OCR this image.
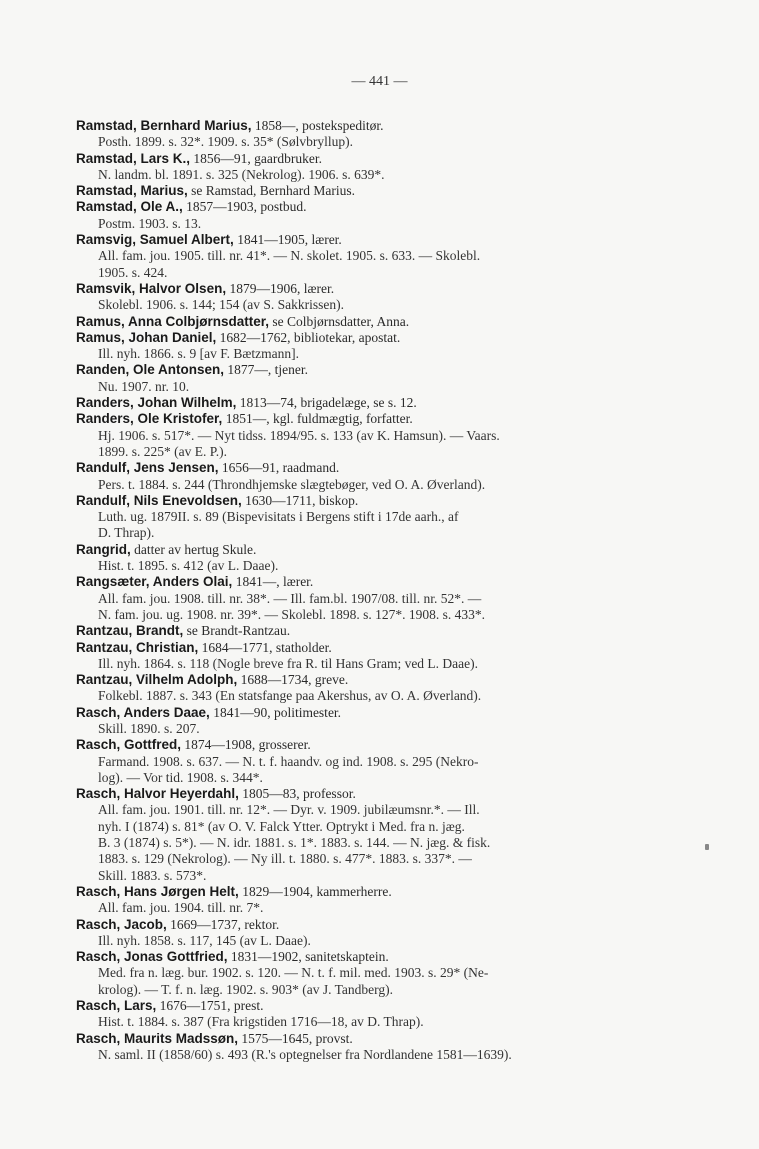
— 441 —
Ramstad, Bernhard Marius, 1858—, postekspeditør.
Posth. 1899. s. 32*. 1909. s. 35* (Sølvbryllup).
Ramstad, Lars K., 1856—91, gaardbruker.
N. landm. bl. 1891. s. 325 (Nekrolog). 1906. s. 639*.
Ramstad, Marius, se Ramstad, Bernhard Marius.
Ramstad, Ole A., 1857—1903, postbud.
Postm. 1903. s. 13.
Ramsvig, Samuel Albert, 1841—1905, lærer.
All. fam. jou. 1905. till. nr. 41*. — N. skolet. 1905. s. 633. — Skolebl.
1905. s. 424.
Ramsvik, Halvor Olsen, 1879—1906, lærer.
Skolebl. 1906. s. 144; 154 (av S. Sakkrissen).
Ramus, Anna Colbjørnsdatter, se Colbjørnsdatter, Anna.
Ramus, Johan Daniel, 1682—1762, bibliotekar, apostat.
Ill. nyh. 1866. s. 9 [av F. Bætzmann].
Randen, Ole Antonsen, 1877—, tjener.
Nu. 1907. nr. 10.
Randers, Johan Wilhelm, 1813—74, brigadelæge, se s. 12.
Randers, Ole Kristofer, 1851—, kgl. fuldmægtig, forfatter.
Hj. 1906. s. 517*. — Nyt tidss. 1894/95. s. 133 (av K. Hamsun). — Vaars.
1899. s. 225* (av E. P.).
Randulf, Jens Jensen, 1656—91, raadmand.
Pers. t. 1884. s. 244 (Throndhjemske slægtebøger, ved O. A. Øverland).
Randulf, Nils Enevoldsen, 1630—1711, biskop.
Luth. ug. 1879II. s. 89 (Bispevisitats i Bergens stift i 17de aarh., af
D. Thrap).
Rangrid, datter av hertug Skule.
Hist. t. 1895. s. 412 (av L. Daae).
Rangsæter, Anders Olai, 1841—, lærer.
All. fam. jou. 1908. till. nr. 38*. — Ill. fam.bl. 1907/08. till. nr. 52*. —
N. fam. jou. ug. 1908. nr. 39*. — Skolebl. 1898. s. 127*. 1908. s. 433*.
Rantzau, Brandt, se Brandt-Rantzau.
Rantzau, Christian, 1684—1771, statholder.
Ill. nyh. 1864. s. 118 (Nogle breve fra R. til Hans Gram; ved L. Daae).
Rantzau, Vilhelm Adolph, 1688—1734, greve.
Folkebl. 1887. s. 343 (En statsfange paa Akershus, av O. A. Øverland).
Rasch, Anders Daae, 1841—90, politimester.
Skill. 1890. s. 207.
Rasch, Gottfred, 1874—1908, grosserer.
Farmand. 1908. s. 637. — N. t. f. haandv. og ind. 1908. s. 295 (Nekro-
log). — Vor tid. 1908. s. 344*.
Rasch, Halvor Heyerdahl, 1805—83, professor.
All. fam. jou. 1901. till. nr. 12*. — Dyr. v. 1909. jubilæumsnr.*. — Ill.
nyh. I (1874) s. 81* (av O. V. Falck Ytter. Optrykt i Med. fra n. jæg.
B. 3 (1874) s. 5*). — N. idr. 1881. s. 1*. 1883. s. 144. — N. jæg. & fisk.
1883. s. 129 (Nekrolog). — Ny ill. t. 1880. s. 477*. 1883. s. 337*. —
Skill. 1883. s. 573*.
Rasch, Hans Jørgen Helt, 1829—1904, kammerherre.
All. fam. jou. 1904. till. nr. 7*.
Rasch, Jacob, 1669—1737, rektor.
Ill. nyh. 1858. s. 117, 145 (av L. Daae).
Rasch, Jonas Gottfried, 1831—1902, sanitetskaptein.
Med. fra n. læg. bur. 1902. s. 120. — N. t. f. mil. med. 1903. s. 29* (Ne-
krolog). — T. f. n. læg. 1902. s. 903* (av J. Tandberg).
Rasch, Lars, 1676—1751, prest.
Hist. t. 1884. s. 387 (Fra krigstiden 1716—18, av D. Thrap).
Rasch, Maurits Madssøn, 1575—1645, provst.
N. saml. II (1858/60) s. 493 (R.'s optegnelser fra Nordlandene 1581—1639).
